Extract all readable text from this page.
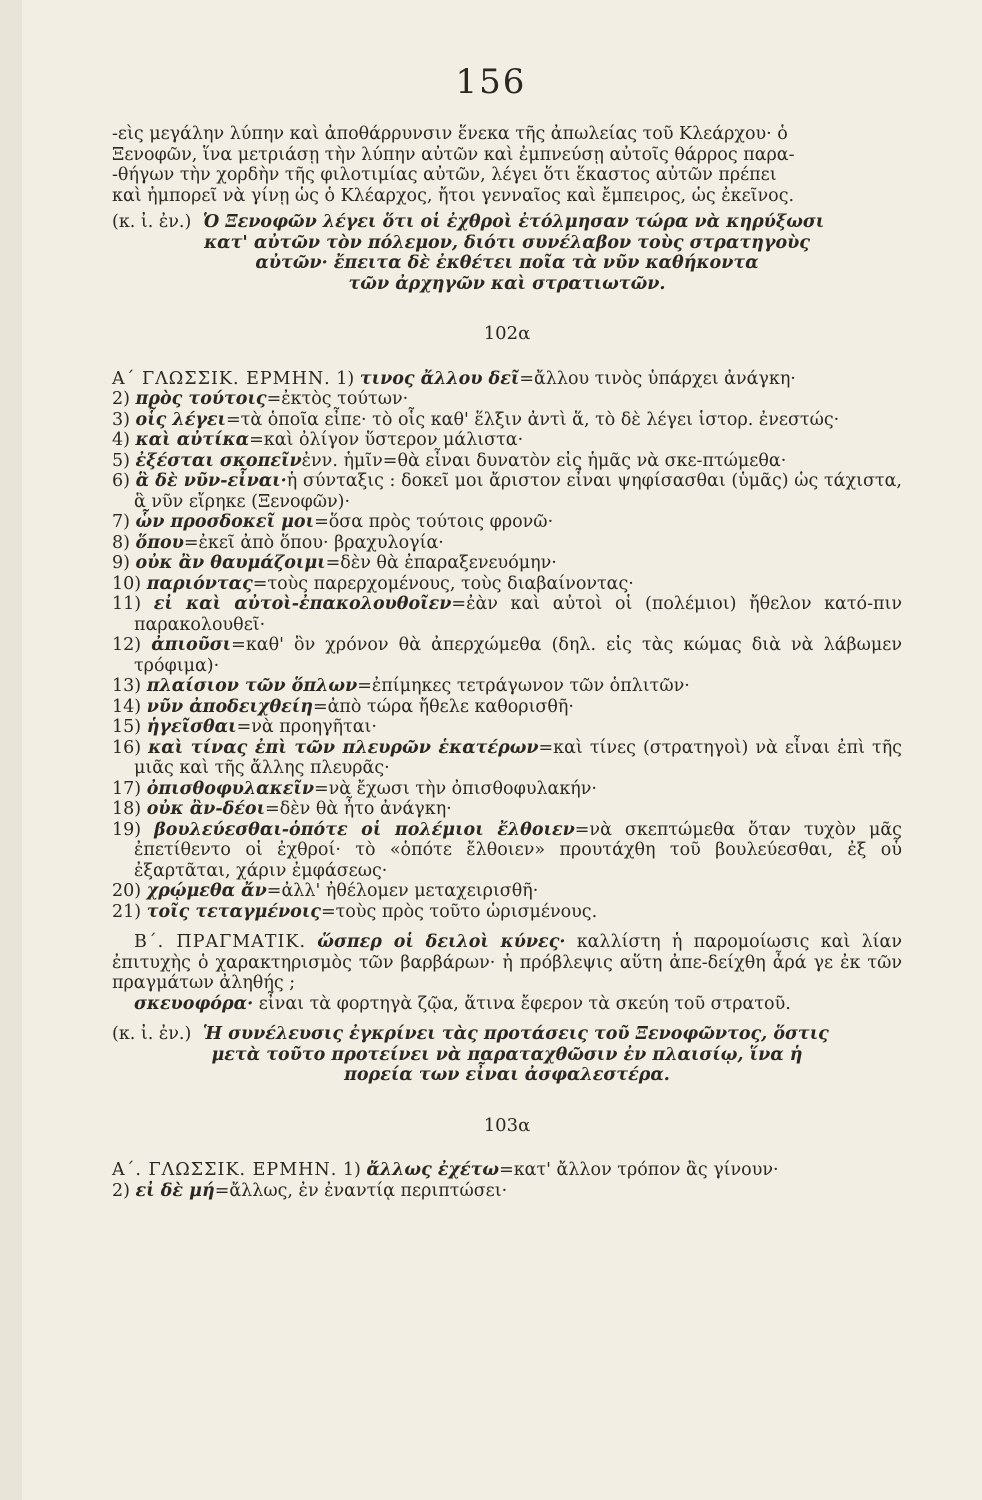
156
-εὶς μεγάλην λύπην καὶ ἀποθάρρυνσιν ἕνεκα τῆς ἀπωλείας τοῦ Κλεάρχου· ὁ
Ξενοφῶν, ἵνα μετριάσῃ τὴν λύπην αὐτῶν καὶ ἐμπνεύσῃ αὐτοῖς θάρρος παρα-
-θήγων τὴν χορδὴν τῆς φιλοτιμίας αὐτῶν, λέγει ὅτι ἕκαστος αὐτῶν πρέπει
καὶ ἠμπορεῖ νὰ γίνῃ ὡς ὁ Κλέαρχος, ἤτοι γενναῖος καὶ ἔμπειρος, ὡς ἐκεῖνος.
(κ. ἰ. ἐν.) Ὁ Ξενοφῶν λέγει ὅτι οἱ ἐχθροὶ ἐτόλμησαν τώρα νὰ κηρύξωσι
κατ' αὐτῶν τὸν πόλεμον, διότι συνέλαβον τοὺς στρατηγοὺς
αὐτῶν· ἔπειτα δὲ ἐκθέτει ποῖα τὰ νῦν καθήκοντα
τῶν ἀρχηγῶν καὶ στρατιωτῶν.
102α
Α΄ ΓΛΩΣΣΙΚ. ΕΡΜΗΝ. 1) τινος ἄλλου δεῖ=ἄλλου τινὸς ὑπάρχει ἀνάγκη·
2) πρὸς τούτοις=ἐκτὸς τούτων·
3) οἷς λέγει=τὰ ὁποῖα εἶπε· τὸ οἷς καθ' ἕλξιν ἀντὶ ἅ, τὸ δὲ λέγει ἱστορ. ἐνεστώς·
4) καὶ αὐτίκα=καὶ ὀλίγον ὕστερον μάλιστα·
5) ἐξέσται σκοπεῖνἐνν. ἡμῖν=θὰ εἶναι δυνατὸν εἰς ἡμᾶς νὰ σκε-πτώμεθα·
6) ἃ δὲ νῦν-εἶναι·ἡ σύνταξις : δοκεῖ μοι ἄριστον εἶναι ψηφίσασθαι (ὑμᾶς) ὡς τάχιστα, ἃ νῦν εἴρηκε (Ξενοφῶν)·
7) ὧν προσδοκεῖ μοι=ὅσα πρὸς τούτοις φρονῶ·
8) ὅπου=ἐκεῖ ἀπὸ ὅπου· βραχυλογία·
9) οὐκ ἂν θαυμάζοιμι=δὲν θὰ ἐπαραξενευόμην·
10) παριόντας=τοὺς παρερχομένους, τοὺς διαβαίνοντας·
11) εἰ καὶ αὐτοὶ-ἐπακολουθοῖεν=ἐὰν καὶ αὐτοὶ οἱ (πολέμιοι) ἤθελον κατό-πιν παρακολουθεῖ·
12) ἀπιοῦσι=καθ' ὃν χρόνον θὰ ἀπερχώμεθα (δηλ. εἰς τὰς κώμας διὰ νὰ λάβωμεν τρόφιμα)·
13) πλαίσιον τῶν ὅπλων=ἐπίμηκες τετράγωνον τῶν ὁπλιτῶν·
14) νῦν ἀποδειχθείη=ἀπὸ τώρα ἤθελε καθορισθῆ·
15) ἡγεῖσθαι=νὰ προηγῆται·
16) καὶ τίνας ἐπὶ τῶν πλευρῶν ἑκατέρων=καὶ τίνες (στρατηγοὶ) νὰ εἶναι ἐπὶ τῆς μιᾶς καὶ τῆς ἄλλης πλευρᾶς·
17) ὀπισθοφυλακεῖν=νὰ ἔχωσι τὴν ὀπισθοφυλακήν·
18) οὐκ ἂν-δέοι=δὲν θὰ ἦτο ἀνάγκη·
19) βουλεύεσθαι-ὁπότε οἱ πολέμιοι ἔλθοιεν=νὰ σκεπτώμεθα ὅταν τυχὸν μᾶς ἐπετίθεντο οἱ ἐχθροί· τὸ «ὁπότε ἔλθοιεν» προυτάχθη τοῦ βουλεύεσθαι, ἐξ οὗ ἐξαρτᾶται, χάριν ἐμφάσεως·
20) χρῴμεθα ἄν=ἀλλ' ἠθέλομεν μεταχειρισθῆ·
21) τοῖς τεταγμένοις=τοὺς πρὸς τοῦτο ὡρισμένους.
Β΄. ΠΡΑΓΜΑΤΙΚ. ὥσπερ οἱ δειλοὶ κύνες· καλλίστη ἡ παρομοίωσις καὶ λίαν ἐπιτυχὴς ὁ χαρακτηρισμὸς τῶν βαρβάρων· ἡ πρόβλεψις αὕτη ἀπε-δείχθη ἆρά γε ἐκ τῶν πραγμάτων ἀληθής ;
σκευοφόρα· εἶναι τὰ φορτηγὰ ζῷα, ἅτινα ἔφερον τὰ σκεύη τοῦ στρατοῦ.
(κ. ἰ. ἐν.) Ἡ συνέλευσις ἐγκρίνει τὰς προτάσεις τοῦ Ξενοφῶντος, ὅστις
μετὰ τοῦτο προτείνει νὰ παραταχθῶσιν ἐν πλαισίῳ, ἵνα ἡ
πορεία των εἶναι ἀσφαλεστέρα.
103α
Α΄. ΓΛΩΣΣΙΚ. ΕΡΜΗΝ. 1) ἄλλως ἐχέτω=κατ' ἄλλον τρόπον ἂς γίνουν·
2) εἰ δὲ μή=ἄλλως, ἐν ἐναντίᾳ περιπτώσει·
